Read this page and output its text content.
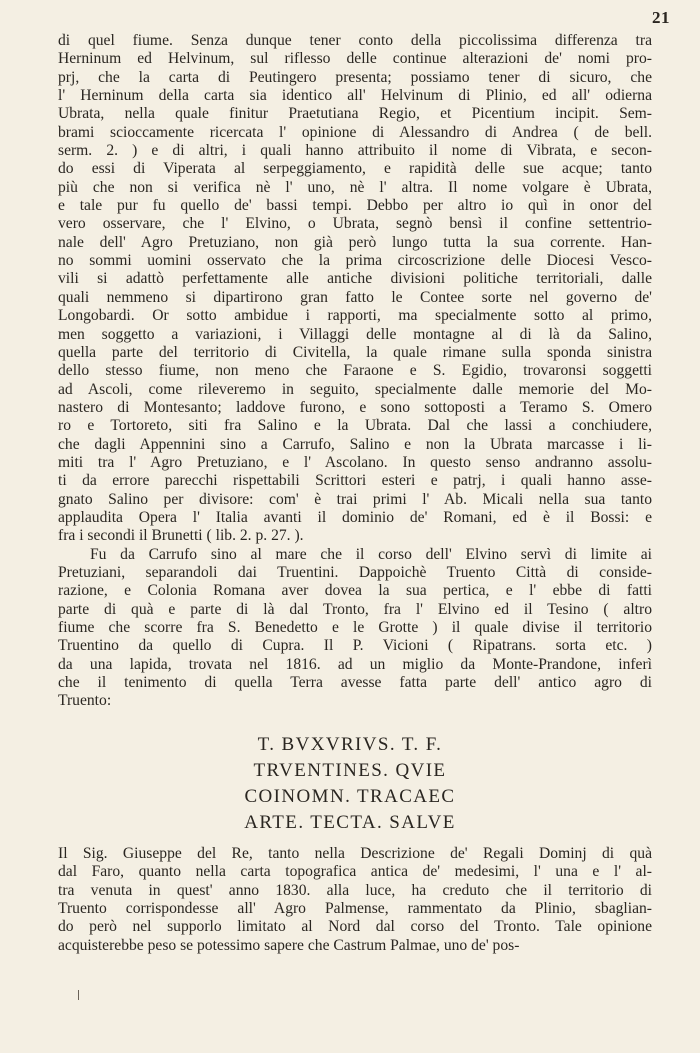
21
di quel fiume. Senza dunque tener conto della piccolissima differenza tra
Herninum ed Helvinum, sul riflesso delle continue alterazioni de' nomi pro-
prj, che la carta di Peutingero presenta; possiamo tener di sicuro, che
l' Herninum della carta sia identico all' Helvinum di Plinio, ed all' odierna
Ubrata, nella quale finitur Praetutiana Regio, et Picentium incipit. Sem-
brami scioccamente ricercata l' opinione di Alessandro di Andrea ( de bell.
serm. 2. ) e di altri, i quali hanno attribuito il nome di Vibrata, e secon-
do essi di Viperata al serpeggiamento, e rapidità delle sue acque; tanto
più che non si verifica nè l' uno, nè l' altra. Il nome volgare è Ubrata,
e tale pur fu quello de' bassi tempi. Debbo per altro io quì in onor del
vero osservare, che l' Elvino, o Ubrata, segnò bensì il confine settentrio-
nale dell' Agro Pretuziano, non già però lungo tutta la sua corrente. Han-
no sommi uomini osservato che la prima circoscrizione delle Diocesi Vesco-
vili si adattò perfettamente alle antiche divisioni politiche territoriali, dalle
quali nemmeno si dipartirono gran fatto le Contee sorte nel governo de'
Longobardi. Or sotto ambidue i rapporti, ma specialmente sotto al primo,
men soggetto a variazioni, i Villaggi delle montagne al di là da Salino,
quella parte del territorio di Civitella, la quale rimane sulla sponda sinistra
dello stesso fiume, non meno che Faraone e S. Egidio, trovaronsi soggetti
ad Ascoli, come rileveremo in seguito, specialmente dalle memorie del Mo-
nastero di Montesanto; laddove furono, e sono sottoposti a Teramo S. Omero
ro e Tortoreto, siti fra Salino e la Ubrata. Dal che lassi a conchiudere,
che dagli Appennini sino a Carrufo, Salino e non la Ubrata marcasse i li-
miti tra l' Agro Pretuziano, e l' Ascolano. In questo senso andranno assolu-
ti da errore parecchi rispettabili Scrittori esteri e patrj, i quali hanno asse-
gnato Salino per divisore: com' è trai primi l' Ab. Micali nella sua tanto
applaudita Opera l' Italia avanti il dominio de' Romani, ed è il Bossi: e
fra i secondi il Brunetti ( lib. 2. p. 27. ).
Fu da Carrufo sino al mare che il corso dell' Elvino servì di limite ai
Pretuziani, separandoli dai Truentini. Dappoichè Truento Città di conside-
razione, e Colonia Romana aver dovea la sua pertica, e l' ebbe di fatti
parte di quà e parte di là dal Tronto, fra l' Elvino ed il Tesino ( altro
fiume che scorre fra S. Benedetto e le Grotte ) il quale divise il territorio
Truentino da quello di Cupra. Il P. Vicioni ( Ripatrans. sorta etc. )
da una lapida, trovata nel 1816. ad un miglio da Monte-Prandone, inferì
che il tenimento di quella Terra avesse fatta parte dell' antico agro di
Truento:
T. BVXVRIVS. T. F.
TRVENTINES. QVIE
COINOMN. TRACAEC
ARTE. TECTA. SALVE
Il Sig. Giuseppe del Re, tanto nella Descrizione de' Regali Dominj di quà
dal Faro, quanto nella carta topografica antica de' medesimi, l' una e l' al-
tra venuta in quest' anno 1830. alla luce, ha creduto che il territorio di
Truento corrispondesse all' Agro Palmense, rammentato da Plinio, sbaglian-
do però nel supporlo limitato al Nord dal corso del Tronto. Tale opinione
acquisterebbe peso se potessimo sapere che Castrum Palmae, uno de' pos-
